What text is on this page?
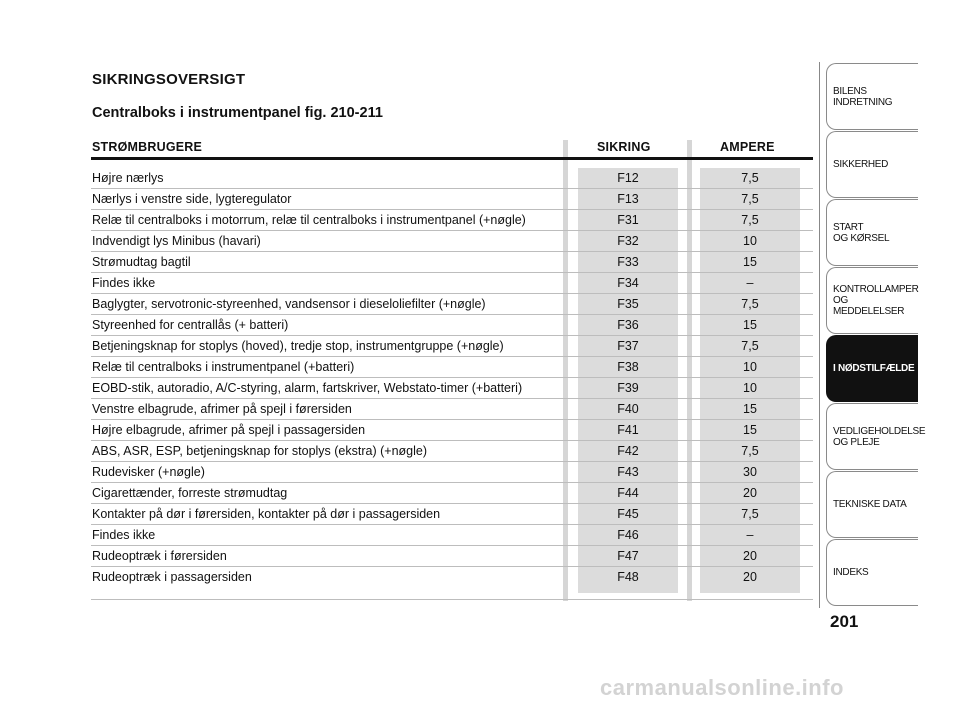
SIKRINGSOVERSIGT
Centralboks i instrumentpanel fig. 210-211
STRØMBRUGERE	SIKRING	AMPERE
Højre nærlys	F12	7,5
Nærlys i venstre side, lygteregulator	F13	7,5
Relæ til centralboks i motorrum, relæ til centralboks i instrumentpanel (+nøgle)	F31	7,5
Indvendigt lys Minibus (havari)	F32	10
Strømudtag bagtil	F33	15
Findes ikke	F34	–
Baglygter, servotronic-styreenhed, vandsensor i dieseloliefilter (+nøgle)	F35	7,5
Styreenhed for centrallås (+ batteri)	F36	15
Betjeningsknap for stoplys (hoved), tredje stop, instrumentgruppe (+nøgle)	F37	7,5
Relæ til centralboks i instrumentpanel (+batteri)	F38	10
EOBD-stik, autoradio, A/C-styring, alarm, fartskriver, Webstato-timer (+batteri)	F39	10
Venstre elbagrude, afrimer på spejl i førersiden	F40	15
Højre elbagrude, afrimer på spejl i passagersiden	F41	15
ABS, ASR, ESP, betjeningsknap for stoplys (ekstra) (+nøgle)	F42	7,5
Rudevisker (+nøgle)	F43	30
Cigarettænder, forreste strømudtag	F44	20
Kontakter på dør i førersiden, kontakter på dør i passagersiden	F45	7,5
Findes ikke	F46	–
Rudeoptræk i førersiden	F47	20
Rudeoptræk i passagersiden	F48	20
BILENS
INDRETNING
SIKKERHED
START
OG KØRSEL
KONTROLLAMPER
OG MEDDELELSER
I NØDSTILFÆLDE
VEDLIGEHOLDELSE
OG PLEJE
TEKNISKE DATA
INDEKS
201
carmanualsonline.info
